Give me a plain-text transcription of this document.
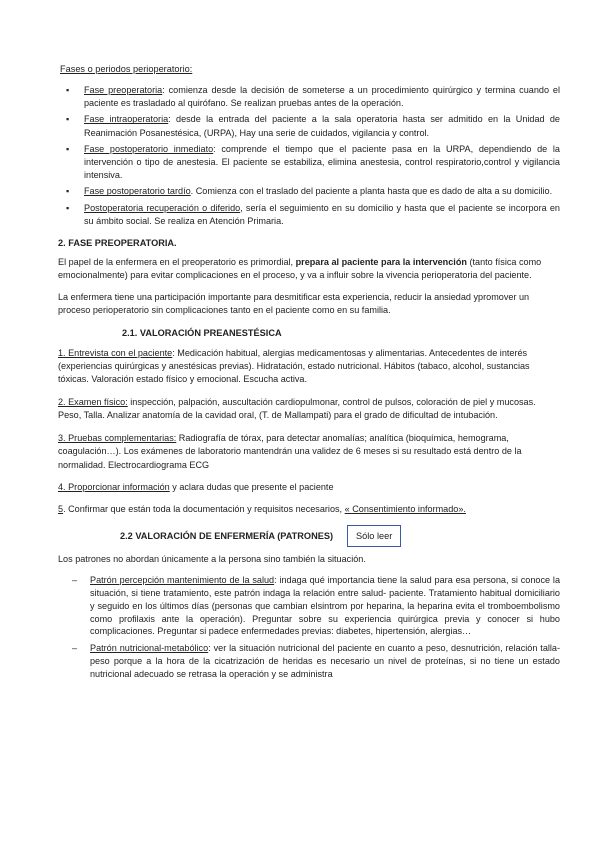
Fases o periodos perioperatorio:

▪ Fase preoperatoria: comienza desde la decisión de someterse a un procedimiento quirúrgico y termina cuando el paciente es trasladado al quirófano. Se realizan pruebas antes de la operación.
▪ Fase intraoperatoria: desde la entrada del paciente a la sala operatoria hasta ser admitido en la Unidad de Reanimación Posanestésica, (URPA), Hay una serie de cuidados, vigilancia y control.
▪ Fase postoperatorio inmediato: comprende el tiempo que el paciente pasa en la URPA, dependiendo de la intervención o tipo de anestesia. El paciente se estabiliza, elimina anestesia, control respiratorio,control y vigilancia intensiva.
▪ Fase postoperatorio tardío. Comienza con el traslado del paciente a planta hasta que es dado de alta a su domicilio.
▪ Postoperatoria recuperación o diferido, sería el seguimiento en su domicilio y hasta que el paciente se incorpora en su ámbito social. Se realiza en Atención Primaria.

2. FASE PREOPERATORIA.

El papel de la enfermera en el preoperatorio es primordial, prepara al paciente para la intervención (tanto física como emocionalmente) para evitar complicaciones en el proceso, y va a influir sobre la vivencia perioperatoria del paciente.

La enfermera tiene una participación importante para desmitificar esta experiencia, reducir la ansiedad ypromover un proceso perioperatorio sin complicaciones tanto en el paciente como en su familia.

2.1. VALORACIÓN PREANESTÉSICA

1. Entrevista con el paciente: Medicación habitual, alergias medicamentosas y alimentarias. Antecedentes de interés (experiencias quirúrgicas y anestésicas previas). Hidratación, estado nutricional. Hábitos (tabaco, alcohol, sustancias tóxicas. Valoración estado físico y emocional. Escucha activa.

2. Examen físico: inspección, palpación, auscultación cardiopulmonar, control de pulsos, coloración de piel y mucosas. Peso, Talla. Analizar anatomía de la cavidad oral, (T. de Mallampati) para el grado de dificultad de intubación.

3. Pruebas complementarias: Radiografía de tórax, para detectar anomalías; analítica (bioquímica, hemograma, coagulación…). Los exámenes de laboratorio mantendrán una validez de 6 meses si su resultado está dentro de la normalidad. Electrocardiograma ECG

4. Proporcionar información y aclara dudas que presente el paciente

5. Confirmar que están toda la documentación y requisitos necesarios, « Consentimiento informado».

2.2 VALORACIÓN DE ENFERMERÍA (PATRONES)	Sólo leer

Los patrones no abordan únicamente a la persona sino también la situación.

– Patrón percepción mantenimiento de la salud: indaga qué importancia tiene la salud para esa persona, si conoce la situación, si tiene tratamiento, este patrón indaga la relación entre salud- paciente. Tratamiento habitual domiciliario y seguido en los últimos días (personas que cambian elsintrom por heparina, la heparina evita el tromboembolismo como profilaxis ante la operación). Preguntar sobre su experiencia quirúrgica previa y conocer si hubo complicaciones. Preguntar si padece enfermedades previas: diabetes, hipertensión, alergias…
– Patrón nutricional-metabólico: ver la situación nutricional del paciente en cuanto a peso, desnutrición, relación talla-peso porque a la hora de la cicatrización de heridas es necesario un nivel de proteínas, si no tiene un estado nutricional adecuado se retrasa la operación y se administra
